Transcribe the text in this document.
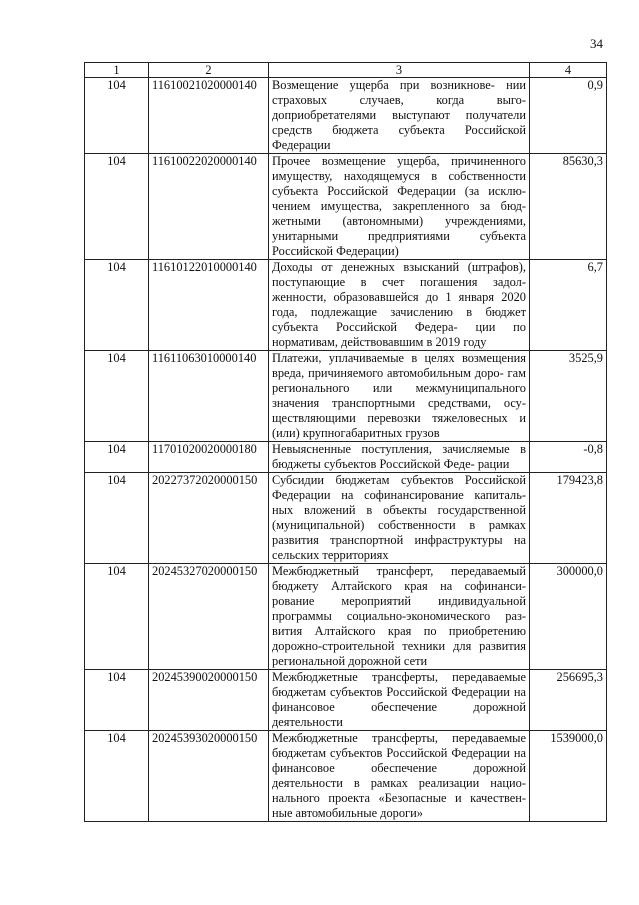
34
1	2	3	4
104	11610021020000140	Возмещение ущерба при возникнове- нии страховых случаев, когда выго- доприобретателями выступают получатели средств бюджета субъекта Российской Федерации	0,9
104	11610022020000140	Прочее возмещение ущерба, причиненного имуществу, находящемуся в собственности субъекта Российской Федерации (за исклю- чением имущества, закрепленного за бюд- жетными (автономными) учреждениями, унитарными предприятиями субъекта Российской Федерации)	85630,3
104	11610122010000140	Доходы от денежных взысканий (штрафов), поступающие в счет погашения задол- женности, образовавшейся до 1 января 2020 года, подлежащие зачислению в бюджет субъекта Российской Федера- ции по нормативам, действовавшим в 2019 году	6,7
104	11611063010000140	Платежи, уплачиваемые в целях возмещения вреда, причиняемого автомобильным доро- гам регионального или межмуниципального значения транспортными средствами, осу- ществляющими перевозки тяжеловесных и (или) крупногабаритных грузов	3525,9
104	11701020020000180	Невыясненные поступления, зачисляемые в бюджеты субъектов Российской Феде- рации	-0,8
104	20227372020000150	Субсидии бюджетам субъектов Российской Федерации на софинансирование капиталь- ных вложений в объекты государственной (муниципальной) собственности в рамках развития транспортной инфраструктуры на сельских территориях	179423,8
104	20245327020000150	Межбюджетный трансферт, передаваемый бюджету Алтайского края на софинанси- рование мероприятий индивидуальной программы социально-экономического раз- вития Алтайского края по приобретению дорожно-строительной техники для развития региональной дорожной сети	300000,0
104	20245390020000150	Межбюджетные трансферты, передаваемые бюджетам субъектов Российской Федерации на финансовое обеспечение дорожной деятельности	256695,3
104	20245393020000150	Межбюджетные трансферты, передаваемые бюджетам субъектов Российской Федерации на финансовое обеспечение дорожной деятельности в рамках реализации нацио- нального проекта «Безопасные и качествен- ные автомобильные дороги»	1539000,0
